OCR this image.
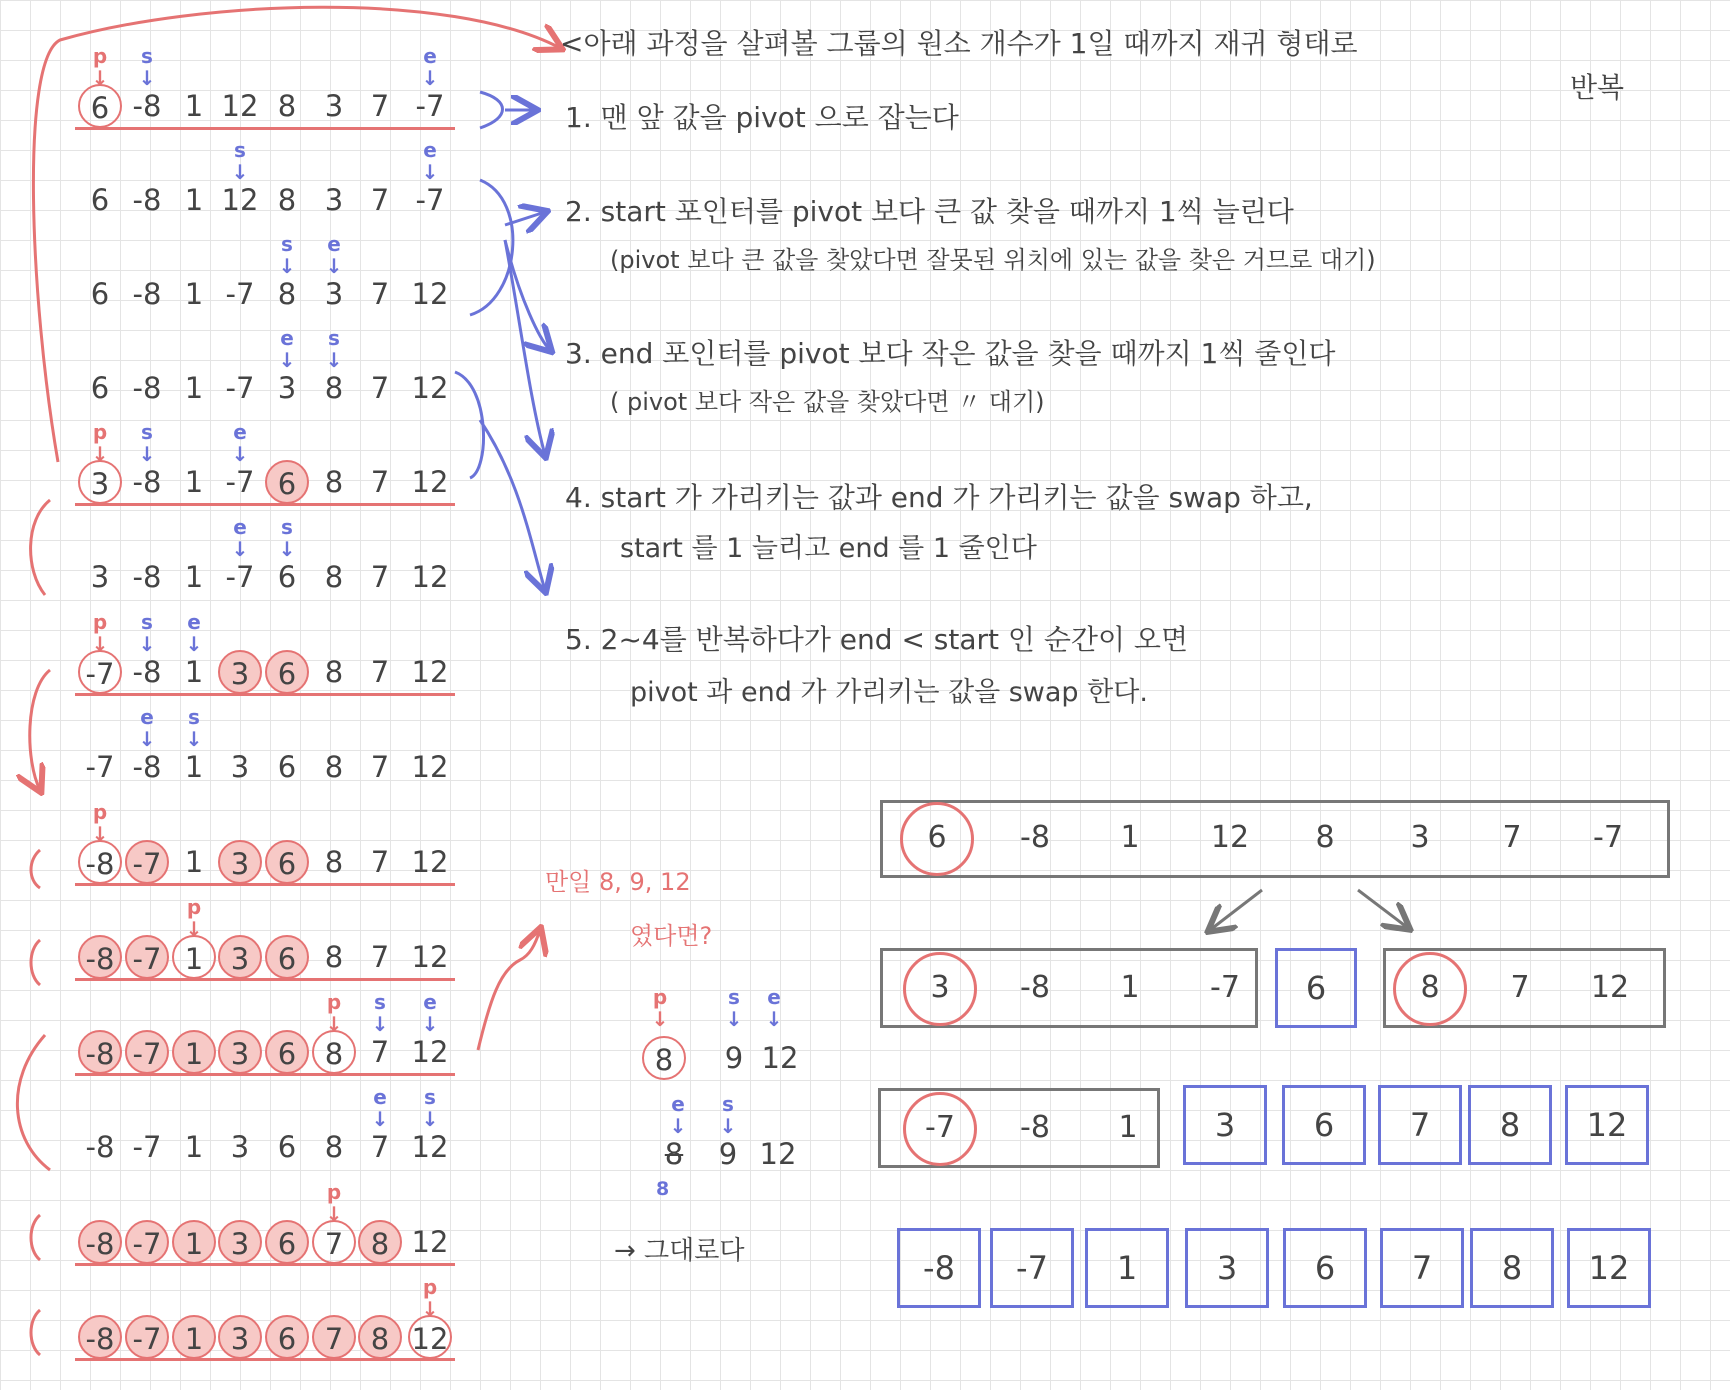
<아래 과정을 살펴볼 그룹의 원소 개수가 1일 때까지 재귀 형태로
반복
1. 맨 앞 값을 pivot 으로 잡는다
2. start 포인터를 pivot 보다 큰 값 찾을 때까지 1씩 늘린다
(pivot 보다 큰 값을 찾았다면 잘못된 위치에 있는 값을 찾은 거므로 대기)
3. end 포인터를 pivot 보다 작은 값을 찾을 때까지 1씩 줄인다
( pivot 보다 작은 값을 찾았다면 〃 대기)
4. start 가 가리키는 값과 end 가 가리키는 값을 swap 하고,
start 를 1 늘리고 end 를 1 줄인다
5. 2~4를 반복하다가 end < start 인 순간이 오면
pivot 과 end 가 가리키는 값을 swap 한다.
6 -8 1 12 8 3 7 -7
6 -8 1 12 8 3 7 -7
6 -8 1 -7 8 3 7 12
6 -8 1 -7 3 8 7 12
3 -8 1 -7 6 8 7 12
3 -8 1 -7 6 8 7 12
-7 -8 1 3 6 8 7 12
-7 -8 1 3 6 8 7 12
-8 -7 1 3 6 8 7 12
-8 -7 1 3 6 8 7 12
-8 -7 1 3 6 8 7 12
-8 -7 1 3 6 8 7 12
-8 -7 1 3 6 7 8 12
-8 -7 1 3 6 7 8 12
만일 8, 9, 12
였다면?
p
↓
s
↓
e
↓
8	9 12
e
↓
s
↓
8	9 12
8
→ 그대로다
6	-8	1	12	8	3	7	-7
3	-8	1	-7	6	8	7	12
-7	-8	1	3	6	7	8	12
-8	-7	1	3	6	7	8	12
p
↓
s
↓
e
↓
s
↓
e
↓
s
↓
e
↓
e
↓
s
↓
p
↓
s
↓
e
↓
e
↓
s
↓
p
↓
s
↓
e
↓
e
↓
s
↓
p
↓
p
↓
p
↓
s
↓
e
↓
e
↓
s
↓
p
↓
p
↓
